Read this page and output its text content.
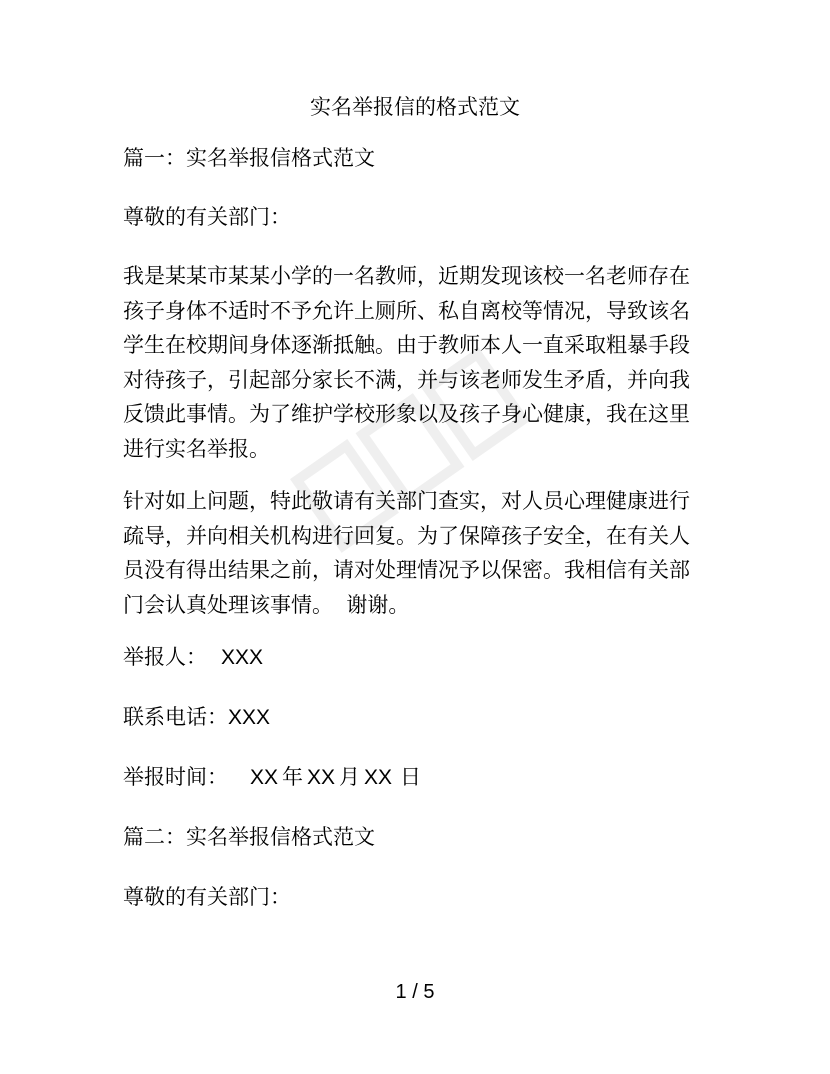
实名举报信的格式范文

篇一：实名举报信格式范文

尊敬的有关部门：

我是某某市某某小学的一名教师，近期发现该校一名老师存在
孩子身体不适时不予允许上厕所、私自离校等情况，导致该名
学生在校期间身体逐渐抵触。由于教师本人一直采取粗暴手段
对待孩子，引起部分家长不满，并与该老师发生矛盾，并向我
反馈此事情。为了维护学校形象以及孩子身心健康，我在这里
进行实名举报。
针对如上问题，特此敬请有关部门查实，对人员心理健康进行
疏导，并向相关机构进行回复。为了保障孩子安全，在有关人
员没有得出结果之前，请对处理情况予以保密。我相信有关部
门会认真处理该事情。  谢谢。

举报人： XXX

联系电话：XXX

举报时间： XX 年 XX 月 XX 日

篇二：实名举报信格式范文

尊敬的有关部门：

1 / 5
